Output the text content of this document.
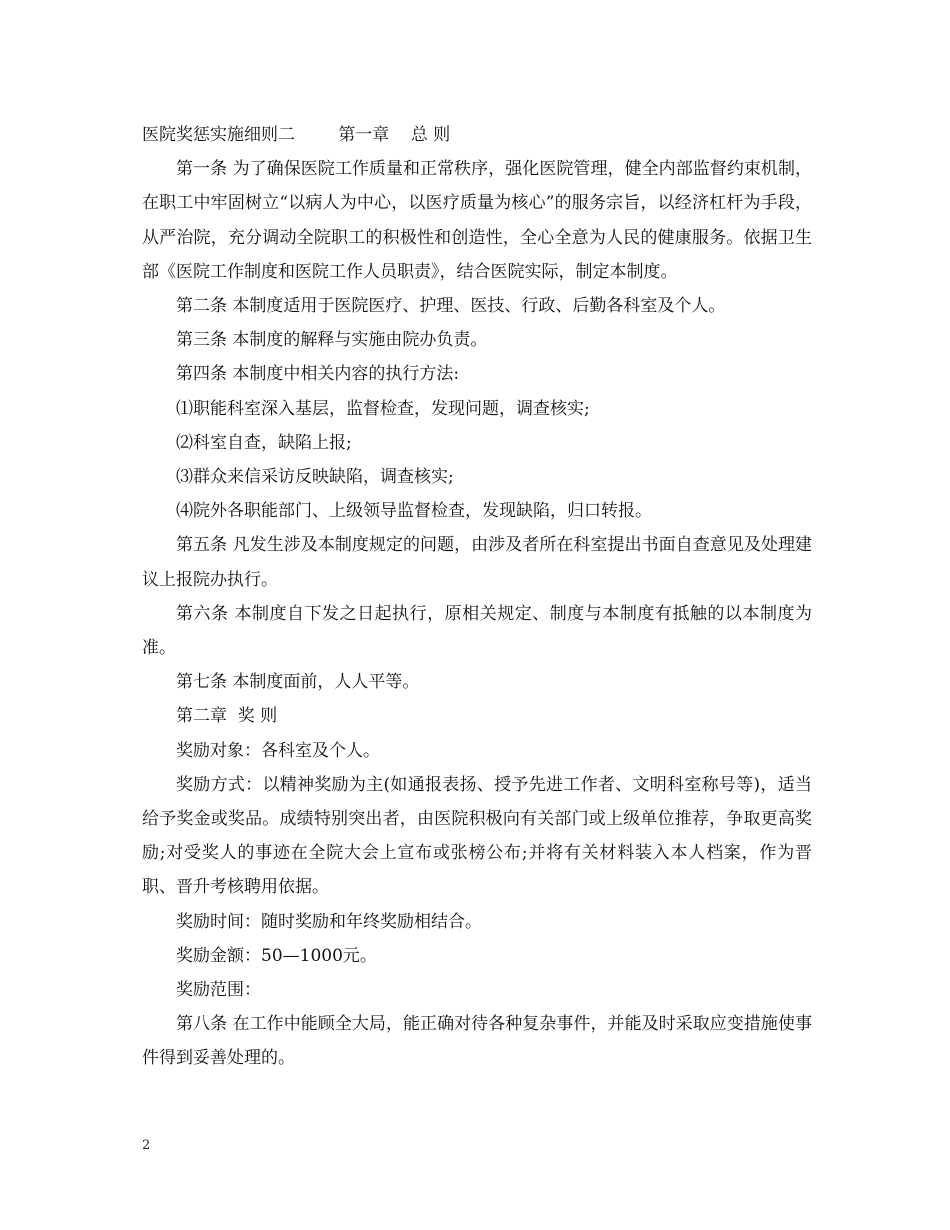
医院奖惩实施细则二        第一章    总 则

第一条 为了确保医院工作质量和正常秩序，强化医院管理，健全内部监督约束机制，在职工中牢固树立“以病人为中心，以医疗质量为核心”的服务宗旨，以经济杠杆为手段，从严治院，充分调动全院职工的积极性和创造性，全心全意为人民的健康服务。依据卫生部《医院工作制度和医院工作人员职责》，结合医院实际，制定本制度。

第二条 本制度适用于医院医疗、护理、医技、行政、后勤各科室及个人。

第三条 本制度的解释与实施由院办负责。

第四条 本制度中相关内容的执行方法:

⑴职能科室深入基层，监督检查，发现问题，调查核实;

⑵科室自查，缺陷上报;

⑶群众来信采访反映缺陷，调查核实;

⑷院外各职能部门、上级领导监督检查，发现缺陷，归口转报。

第五条 凡发生涉及本制度规定的问题，由涉及者所在科室提出书面自查意见及处理建议上报院办执行。

第六条 本制度自下发之日起执行，原相关规定、制度与本制度有抵触的以本制度为准。

第七条 本制度面前，人人平等。

第二章  奖 则

奖励对象：各科室及个人。

奖励方式：以精神奖励为主(如通报表扬、授予先进工作者、文明科室称号等)，适当给予奖金或奖品。成绩特别突出者，由医院积极向有关部门或上级单位推荐，争取更高奖励;对受奖人的事迹在全院大会上宣布或张榜公布;并将有关材料装入本人档案，作为晋职、晋升考核聘用依据。

奖励时间：随时奖励和年终奖励相结合。

奖励金额：50—1000元。

奖励范围：

第八条 在工作中能顾全大局，能正确对待各种复杂事件，并能及时采取应变措施使事件得到妥善处理的。

2
